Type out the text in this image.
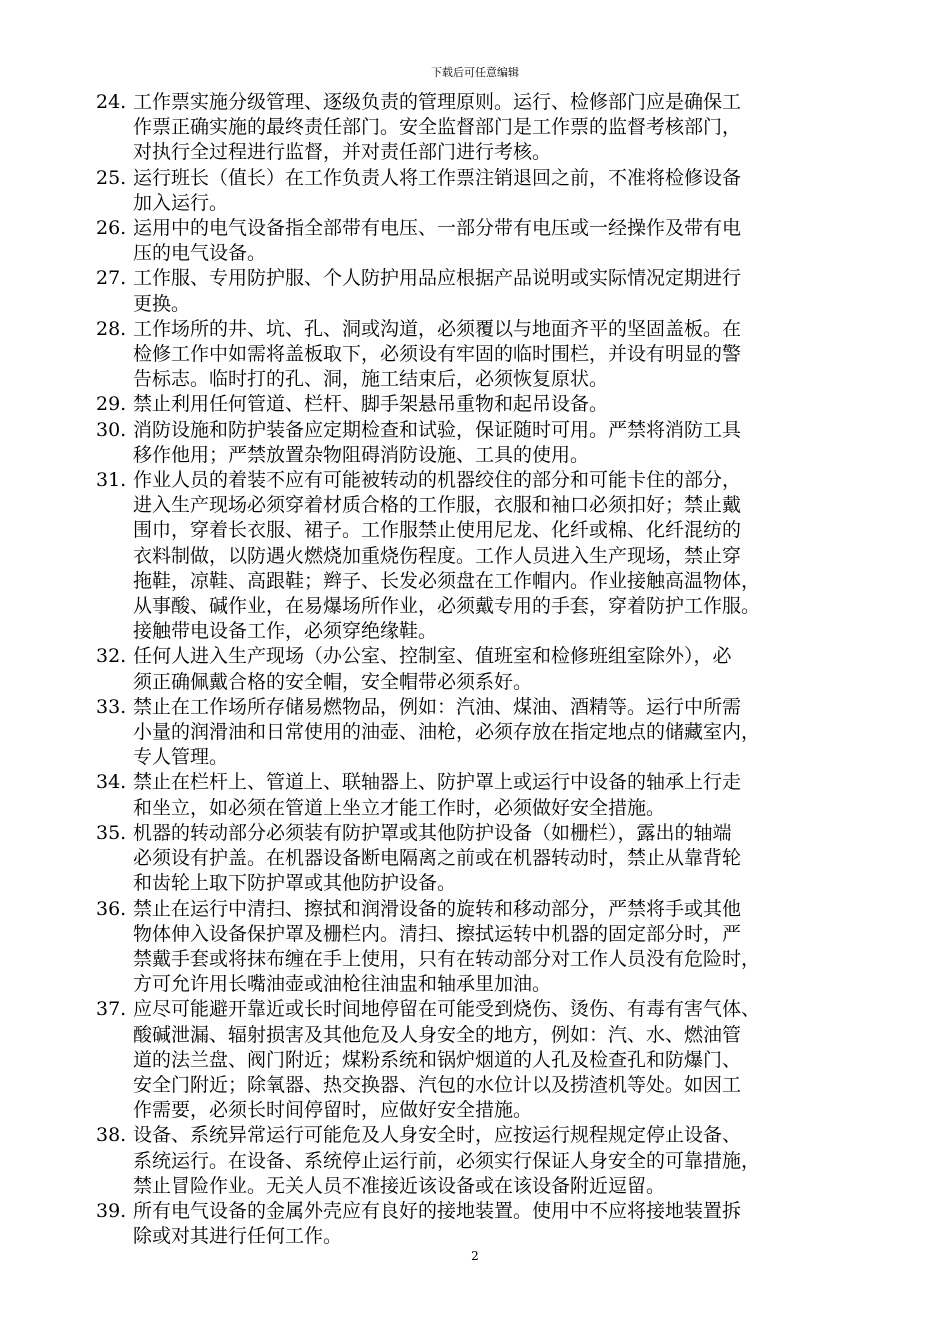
下载后可任意编辑
24. 工作票实施分级管理、逐级负责的管理原则。运行、检修部门应是确保工
作票正确实施的最终责任部门。安全监督部门是工作票的监督考核部门，
对执行全过程进行监督，并对责任部门进行考核。
25. 运行班长（值长）在工作负责人将工作票注销退回之前，不准将检修设备
加入运行。
26. 运用中的电气设备指全部带有电压、一部分带有电压或一经操作及带有电
压的电气设备。
27. 工作服、专用防护服、个人防护用品应根据产品说明或实际情况定期进行
更换。
28. 工作场所的井、坑、孔、洞或沟道，必须覆以与地面齐平的坚固盖板。在
检修工作中如需将盖板取下，必须设有牢固的临时围栏，并设有明显的警
告标志。临时打的孔、洞，施工结束后，必须恢复原状。
29. 禁止利用任何管道、栏杆、脚手架悬吊重物和起吊设备。
30. 消防设施和防护装备应定期检查和试验，保证随时可用。严禁将消防工具
移作他用；严禁放置杂物阻碍消防设施、工具的使用。
31. 作业人员的着装不应有可能被转动的机器绞住的部分和可能卡住的部分，
进入生产现场必须穿着材质合格的工作服，衣服和袖口必须扣好；禁止戴
围巾，穿着长衣服、裙子。工作服禁止使用尼龙、化纤或棉、化纤混纺的
衣料制做，以防遇火燃烧加重烧伤程度。工作人员进入生产现场，禁止穿
拖鞋，凉鞋、高跟鞋；辫子、长发必须盘在工作帽内。作业接触高温物体，
从事酸、碱作业，在易爆场所作业，必须戴专用的手套，穿着防护工作服。
接触带电设备工作，必须穿绝缘鞋。
32. 任何人进入生产现场（办公室、控制室、值班室和检修班组室除外），必
须正确佩戴合格的安全帽，安全帽带必须系好。
33. 禁止在工作场所存储易燃物品，例如：汽油、煤油、酒精等。运行中所需
小量的润滑油和日常使用的油壶、油枪，必须存放在指定地点的储藏室内，
专人管理。
34. 禁止在栏杆上、管道上、联轴器上、防护罩上或运行中设备的轴承上行走
和坐立，如必须在管道上坐立才能工作时，必须做好安全措施。
35. 机器的转动部分必须装有防护罩或其他防护设备（如栅栏），露出的轴端
必须设有护盖。在机器设备断电隔离之前或在机器转动时，禁止从靠背轮
和齿轮上取下防护罩或其他防护设备。
36. 禁止在运行中清扫、擦拭和润滑设备的旋转和移动部分，严禁将手或其他
物体伸入设备保护罩及栅栏内。清扫、擦拭运转中机器的固定部分时，严
禁戴手套或将抹布缠在手上使用，只有在转动部分对工作人员没有危险时，
方可允许用长嘴油壶或油枪往油盅和轴承里加油。
37. 应尽可能避开靠近或长时间地停留在可能受到烧伤、烫伤、有毒有害气体、
酸碱泄漏、辐射损害及其他危及人身安全的地方，例如：汽、水、燃油管
道的法兰盘、阀门附近；煤粉系统和锅炉烟道的人孔及检查孔和防爆门、
安全门附近；除氧器、热交换器、汽包的水位计以及捞渣机等处。如因工
作需要，必须长时间停留时，应做好安全措施。
38. 设备、系统异常运行可能危及人身安全时，应按运行规程规定停止设备、
系统运行。在设备、系统停止运行前，必须实行保证人身安全的可靠措施，
禁止冒险作业。无关人员不准接近该设备或在该设备附近逗留。
39. 所有电气设备的金属外壳应有良好的接地装置。使用中不应将接地装置拆
除或对其进行任何工作。
2
